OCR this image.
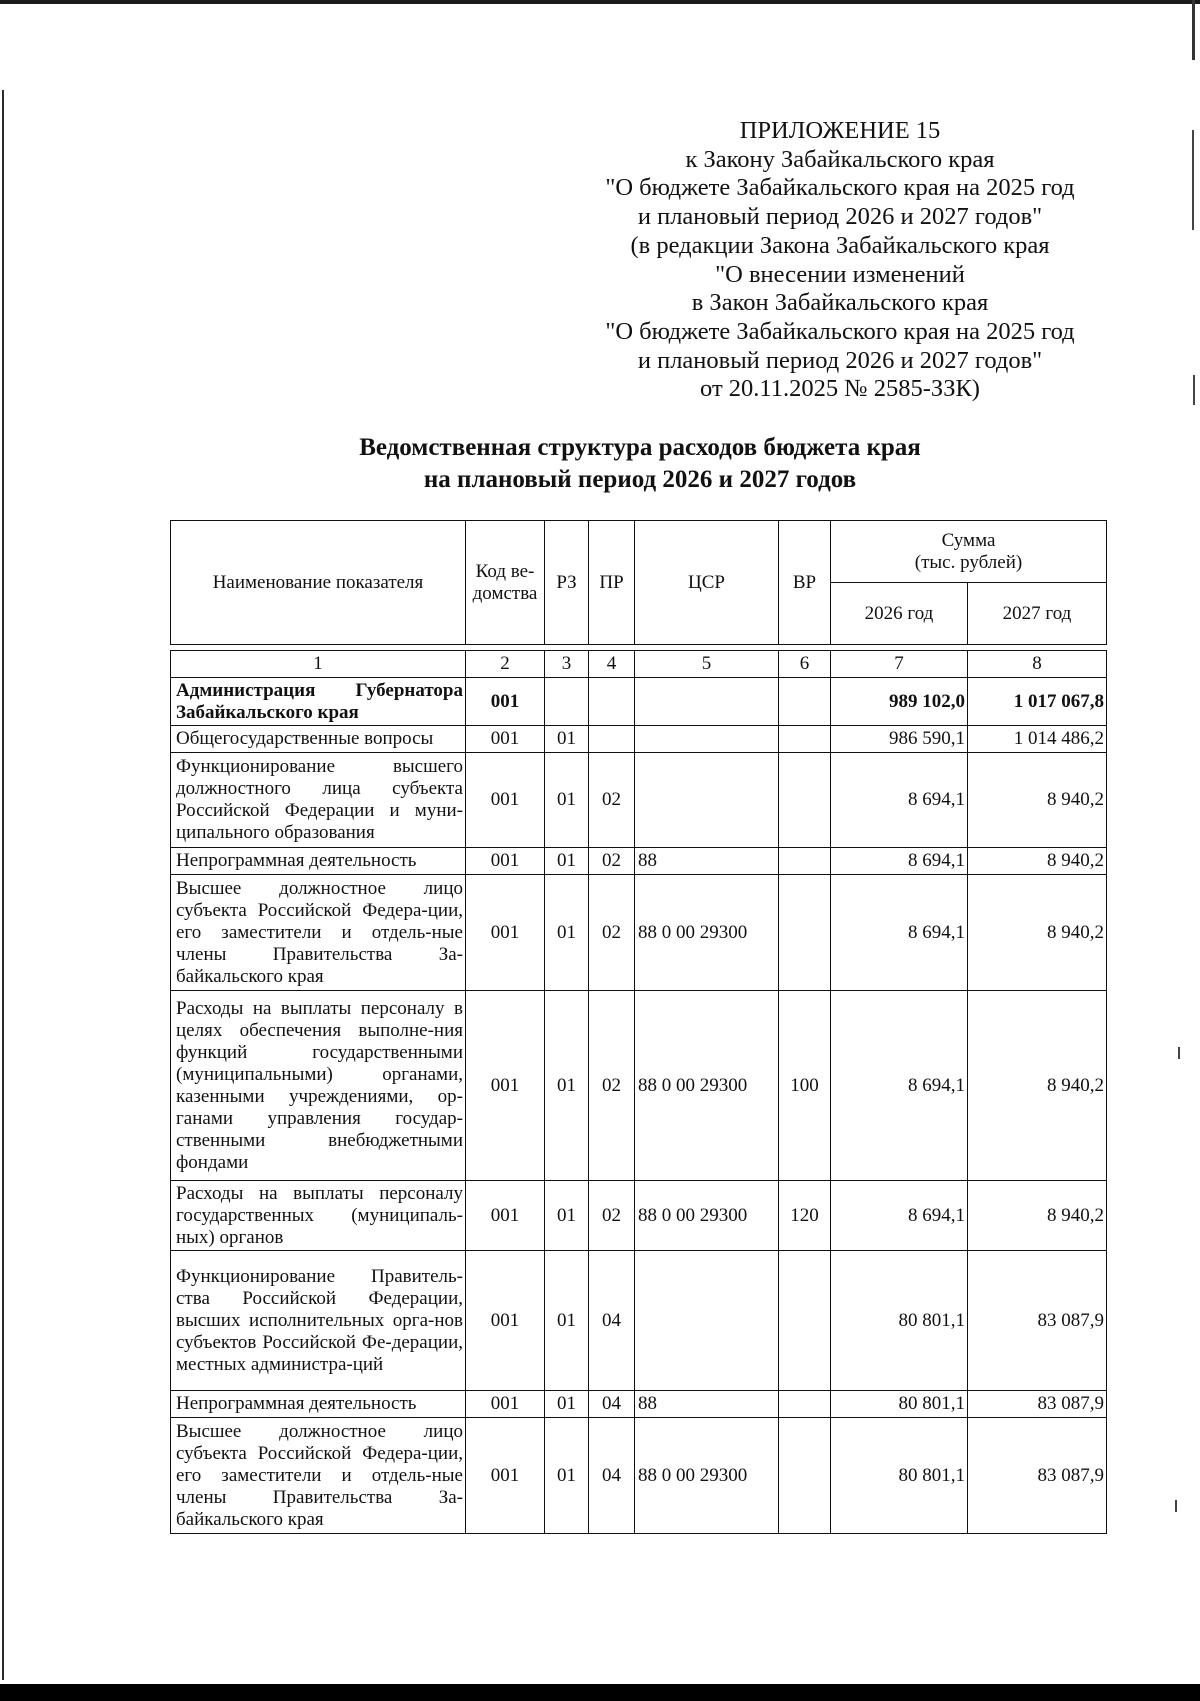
ПРИЛОЖЕНИЕ 15
к Закону Забайкальского края
"О бюджете Забайкальского края на 2025 год
и плановый период 2026 и 2027 годов"
(в редакции Закона Забайкальского края
"О внесении изменений
в Закон Забайкальского края
"О бюджете Забайкальского края на 2025 год
и плановый период 2026 и 2027 годов"
от 20.11.2025 № 2585-ЗЗК)
Ведомственная структура расходов бюджета края
на плановый период 2026 и 2027 годов
Наименование показателя	Код ве-домства	РЗ	ПР	ЦСР	ВР	Сумма
(тыс. рублей)	

						2026 год	2027 год
1	2	3	4	5	6	7	8
Администрация Губернатора Забайкальского края	001					989 102,0	1 017 067,8
Общегосударственные вопросы	001	01				986 590,1	1 014 486,2
Функционирование высшего должностного лица субъекта Российской Федерации и муни-ципального образования	001	01	02			8 694,1	8 940,2
Непрограммная деятельность	001	01	02	88		8 694,1	8 940,2
Высшее должностное лицо субъекта Российской Федера-ции, его заместители и отдель-ные члены Правительства За-байкальского края	001	01	02	88 0 00 29300		8 694,1	8 940,2
Расходы на выплаты персоналу в целях обеспечения выполне-ния функций государственными (муниципальными) органами, казенными учреждениями, ор-ганами управления государ-ственными внебюджетными фондами	001	01	02	88 0 00 29300	100	8 694,1	8 940,2
Расходы на выплаты персоналу государственных (муниципаль-ных) органов	001	01	02	88 0 00 29300	120	8 694,1	8 940,2
Функционирование Правитель-ства Российской Федерации, высших исполнительных орга-нов субъектов Российской Фе-дерации, местных администра-ций	001	01	04			80 801,1	83 087,9
Непрограммная деятельность	001	01	04	88		80 801,1	83 087,9
Высшее должностное лицо субъекта Российской Федера-ции, его заместители и отдель-ные члены Правительства За-байкальского края	001	01	04	88 0 00 29300		80 801,1	83 087,9
